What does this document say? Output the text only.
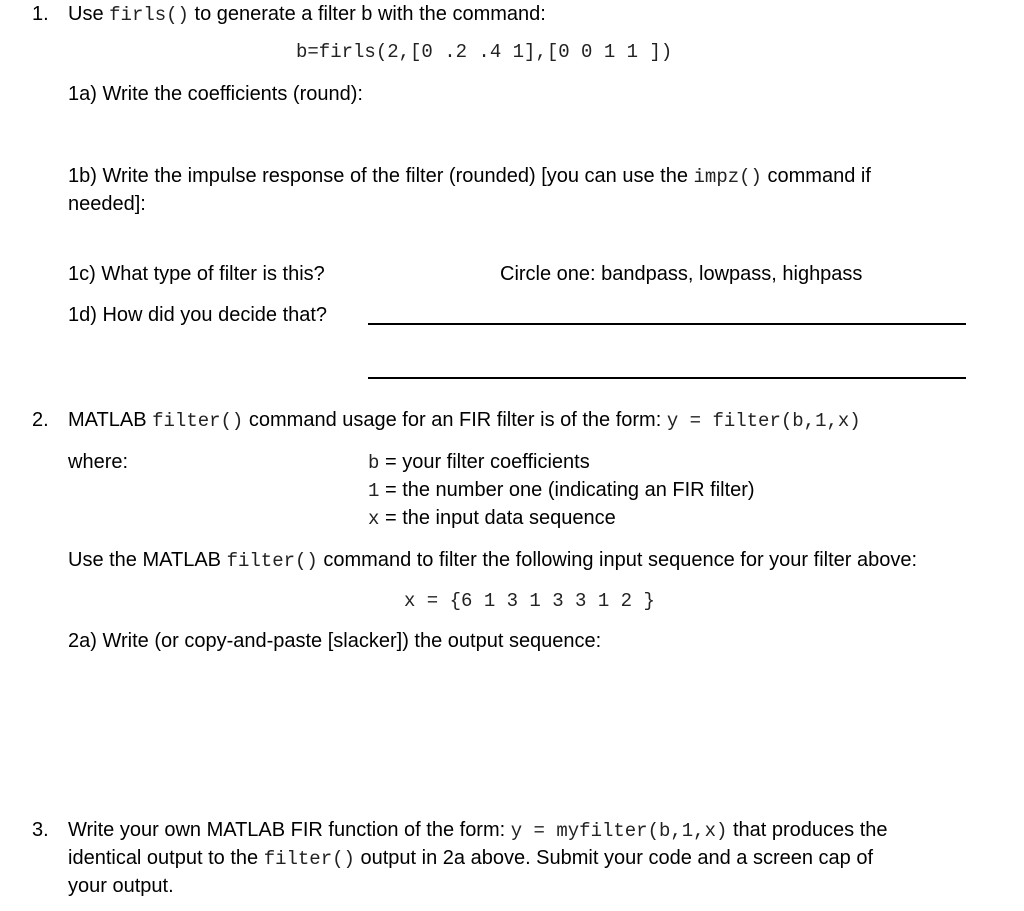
1. Use firls() to generate a filter b with the command:
b=firls(2,[0 .2 .4 1],[0 0 1 1 ])
1a) Write the coefficients (round):
1b) Write the impulse response of the filter (rounded) [you can use the impz() command if
needed]:
1c) What type of filter is this?	Circle one: bandpass, lowpass, highpass
1d) How did you decide that?
2. MATLAB filter() command usage for an FIR filter is of the form: y = filter(b,1,x)
where:	b = your filter coefficients
1 = the number one (indicating an FIR filter)
x = the input data sequence
Use the MATLAB filter() command to filter the following input sequence for your filter above:
x = {6 1 3 1 3 3 1 2 }
2a) Write (or copy-and-paste [slacker]) the output sequence:
3. Write your own MATLAB FIR function of the form: y = myfilter(b,1,x) that produces the
identical output to the filter() output in 2a above. Submit your code and a screen cap of
your output.
